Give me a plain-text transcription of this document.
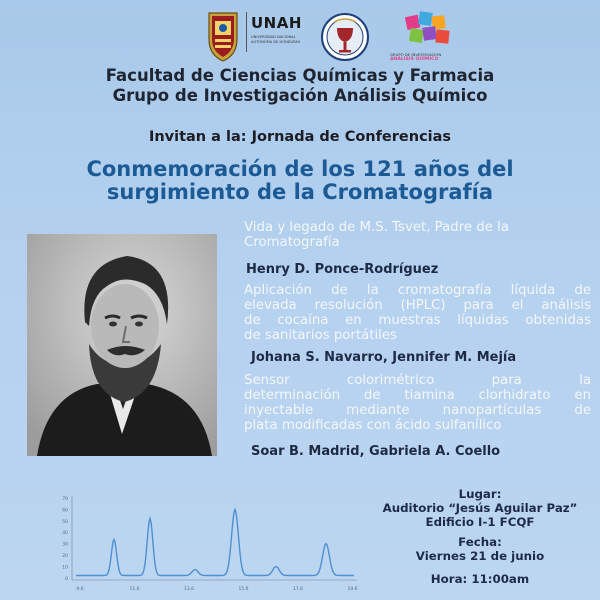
UNAH
UNIVERSIDAD NACIONAL AUTÓNOMA DE HONDURAS
GRUPO DE INVESTIGACIÓN
ANÁLISIS QUÍMICO
Facultad de Ciencias Químicas y Farmacia
Grupo de Investigación Análisis Químico
Invitan a la: Jornada de Conferencias
Conmemoración de los 121 años del
surgimiento de la Cromatografía
Vida y legado de M.S. Tsvet, Padre de la
Cromatografía
Henry D. Ponce-Rodríguez
Aplicación de la cromatografía líquida de
elevada resolución (HPLC) para el análisis
de cocaína en muestras líquidas obtenidas
de sanitarios portátiles
Johana S. Navarro, Jennifer M. Mejía
Sensor colorimétrico para la
determinación de tiamina clorhidrato en
inyectable mediante nanopartículas de
plata modificadas con ácido sulfanílico
Soar B. Madrid, Gabriela A. Coello
70
60
50
40
30
20
10
0
9.6	11.6	13.6	15.6	17.6	19.6
Lugar:
Auditorio “Jesús Aguilar Paz”
Edificio I-1 FCQF
Fecha:
Viernes 21 de junio
Hora: 11:00am
